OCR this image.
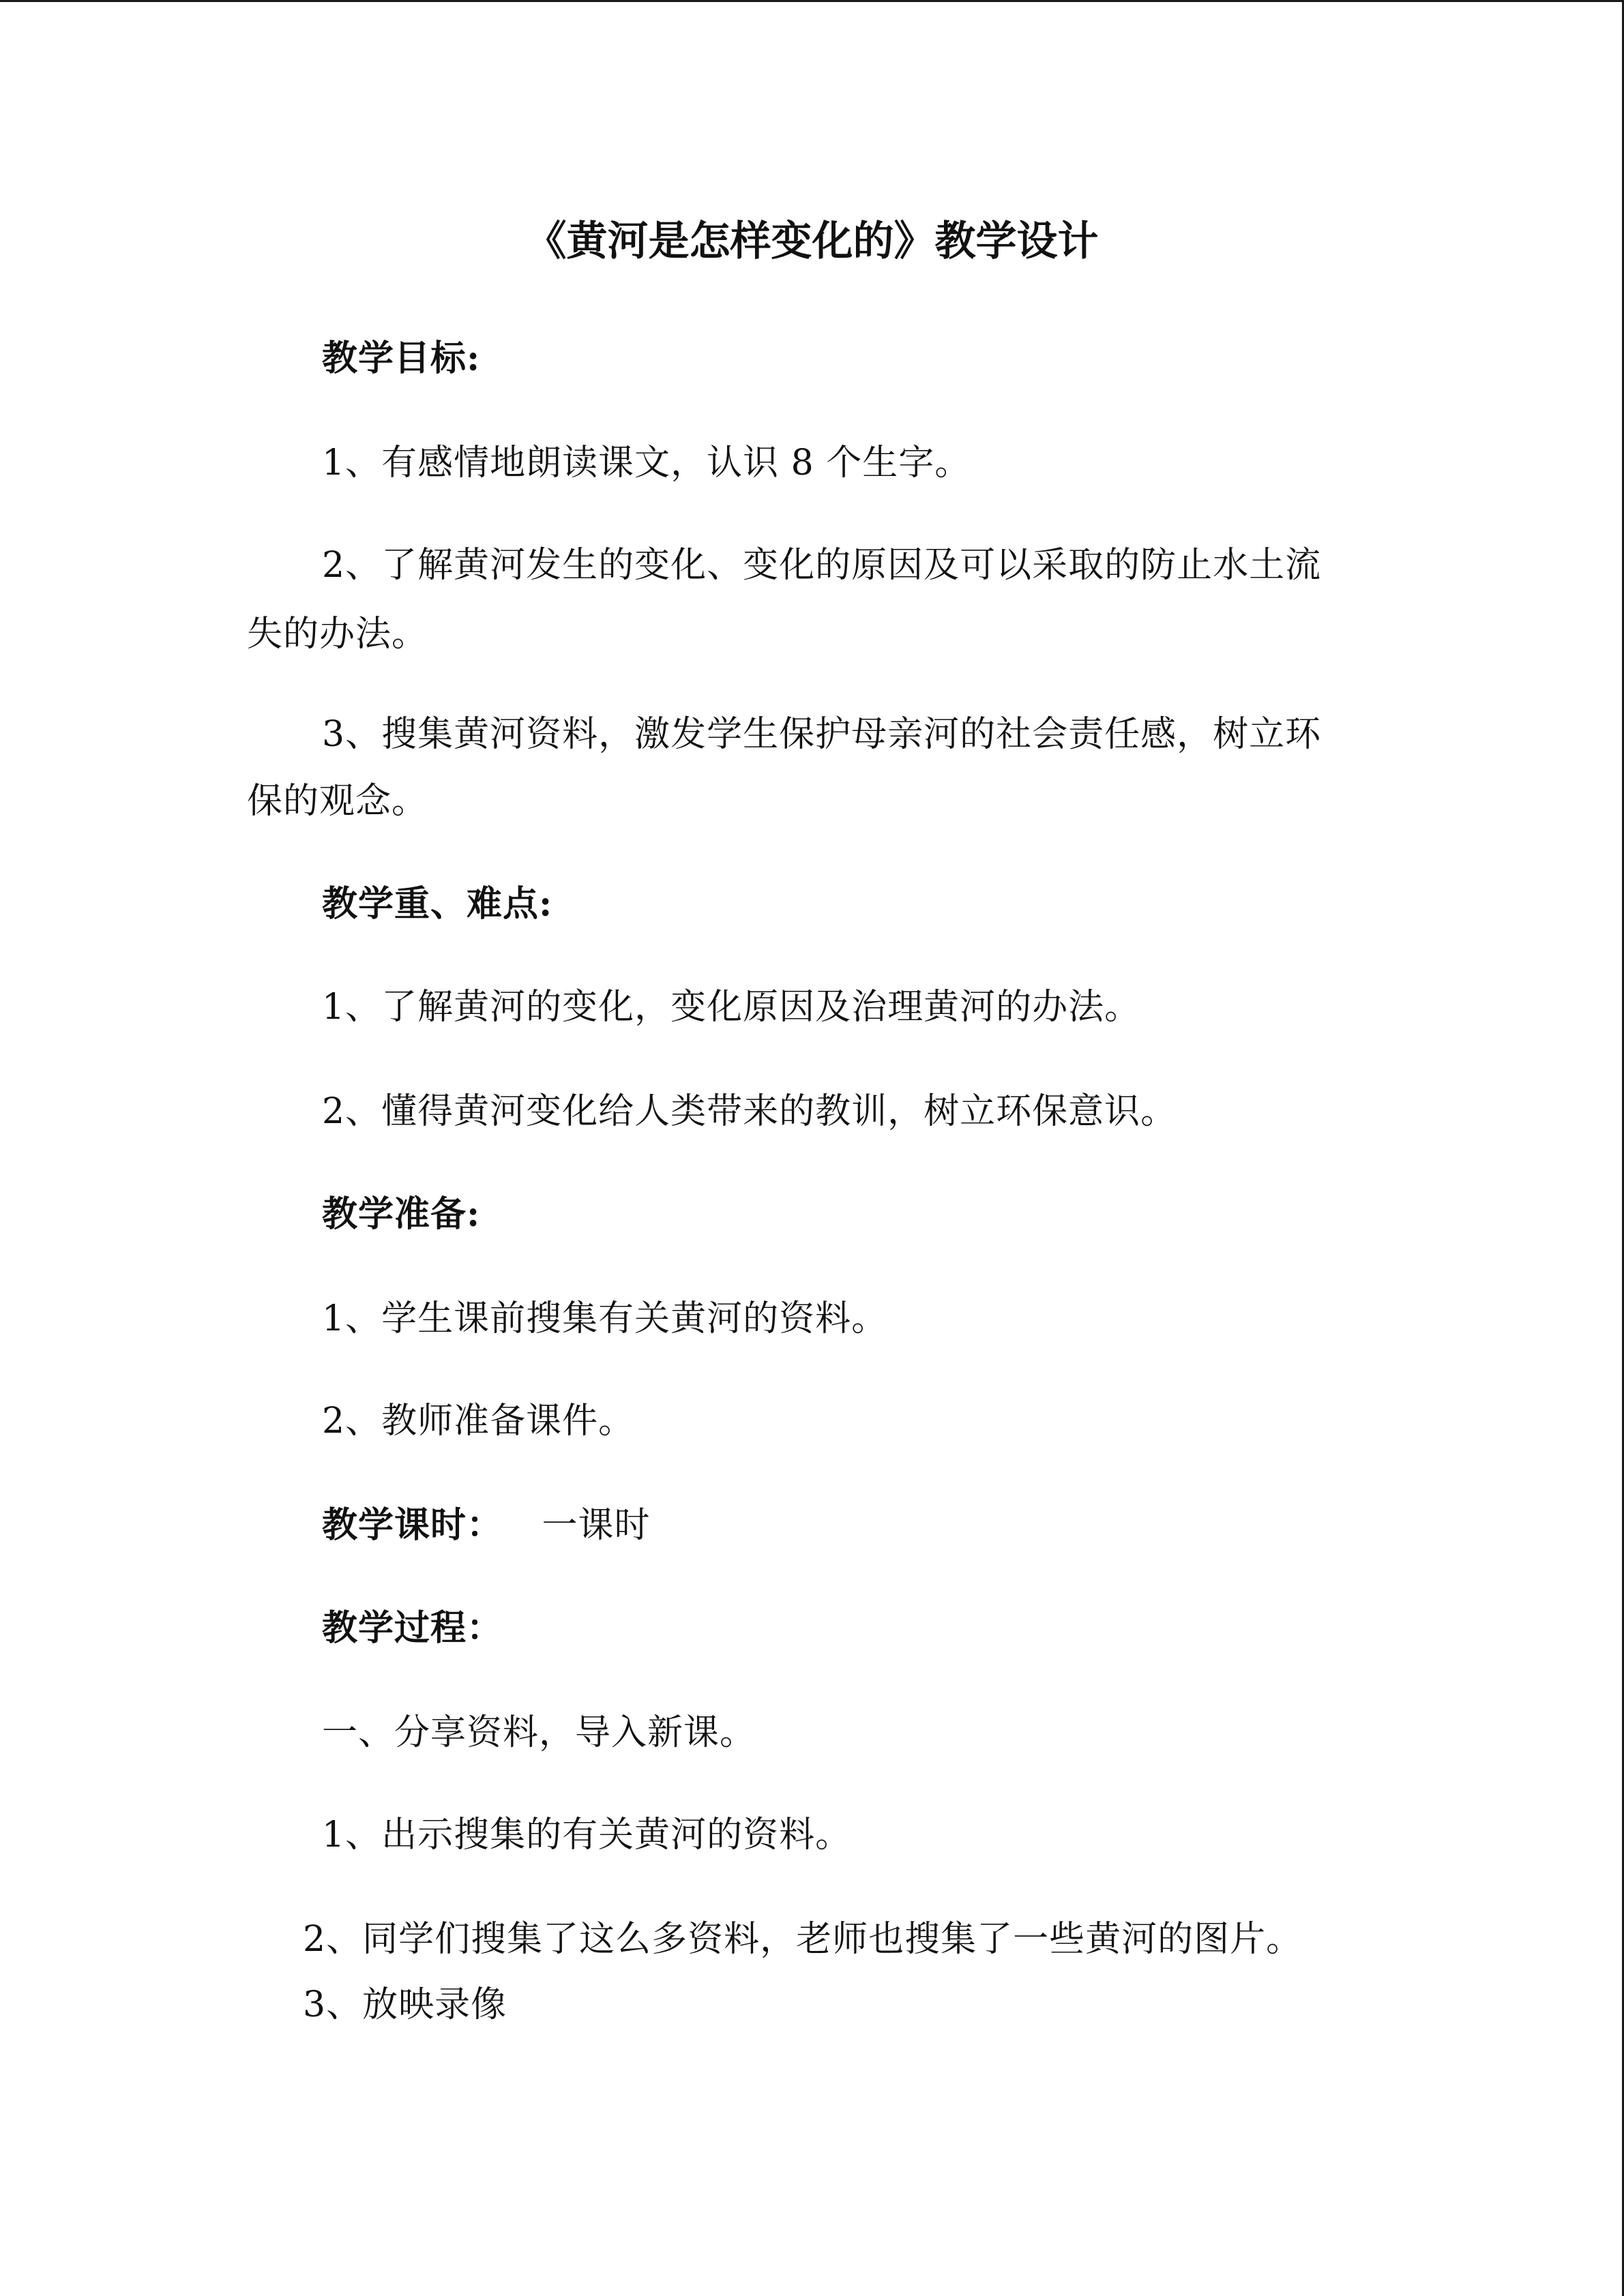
《黄河是怎样变化的》教学设计
教学目标:
1、有感情地朗读课文，认识 8 个生字。
2、了解黄河发生的变化、变化的原因及可以采取的防止水土流
失的办法。
3、搜集黄河资料，激发学生保护母亲河的社会责任感，树立环
保的观念。
教学重、难点:
1、了解黄河的变化，变化原因及治理黄河的办法。
2、懂得黄河变化给人类带来的教训，树立环保意识。
教学准备:
1、学生课前搜集有关黄河的资料。
2、教师准备课件。
教学课时： 一课时
教学过程：
一、分享资料，导入新课。
1、出示搜集的有关黄河的资料。
2、同学们搜集了这么多资料，老师也搜集了一些黄河的图片。
3、放映录像
